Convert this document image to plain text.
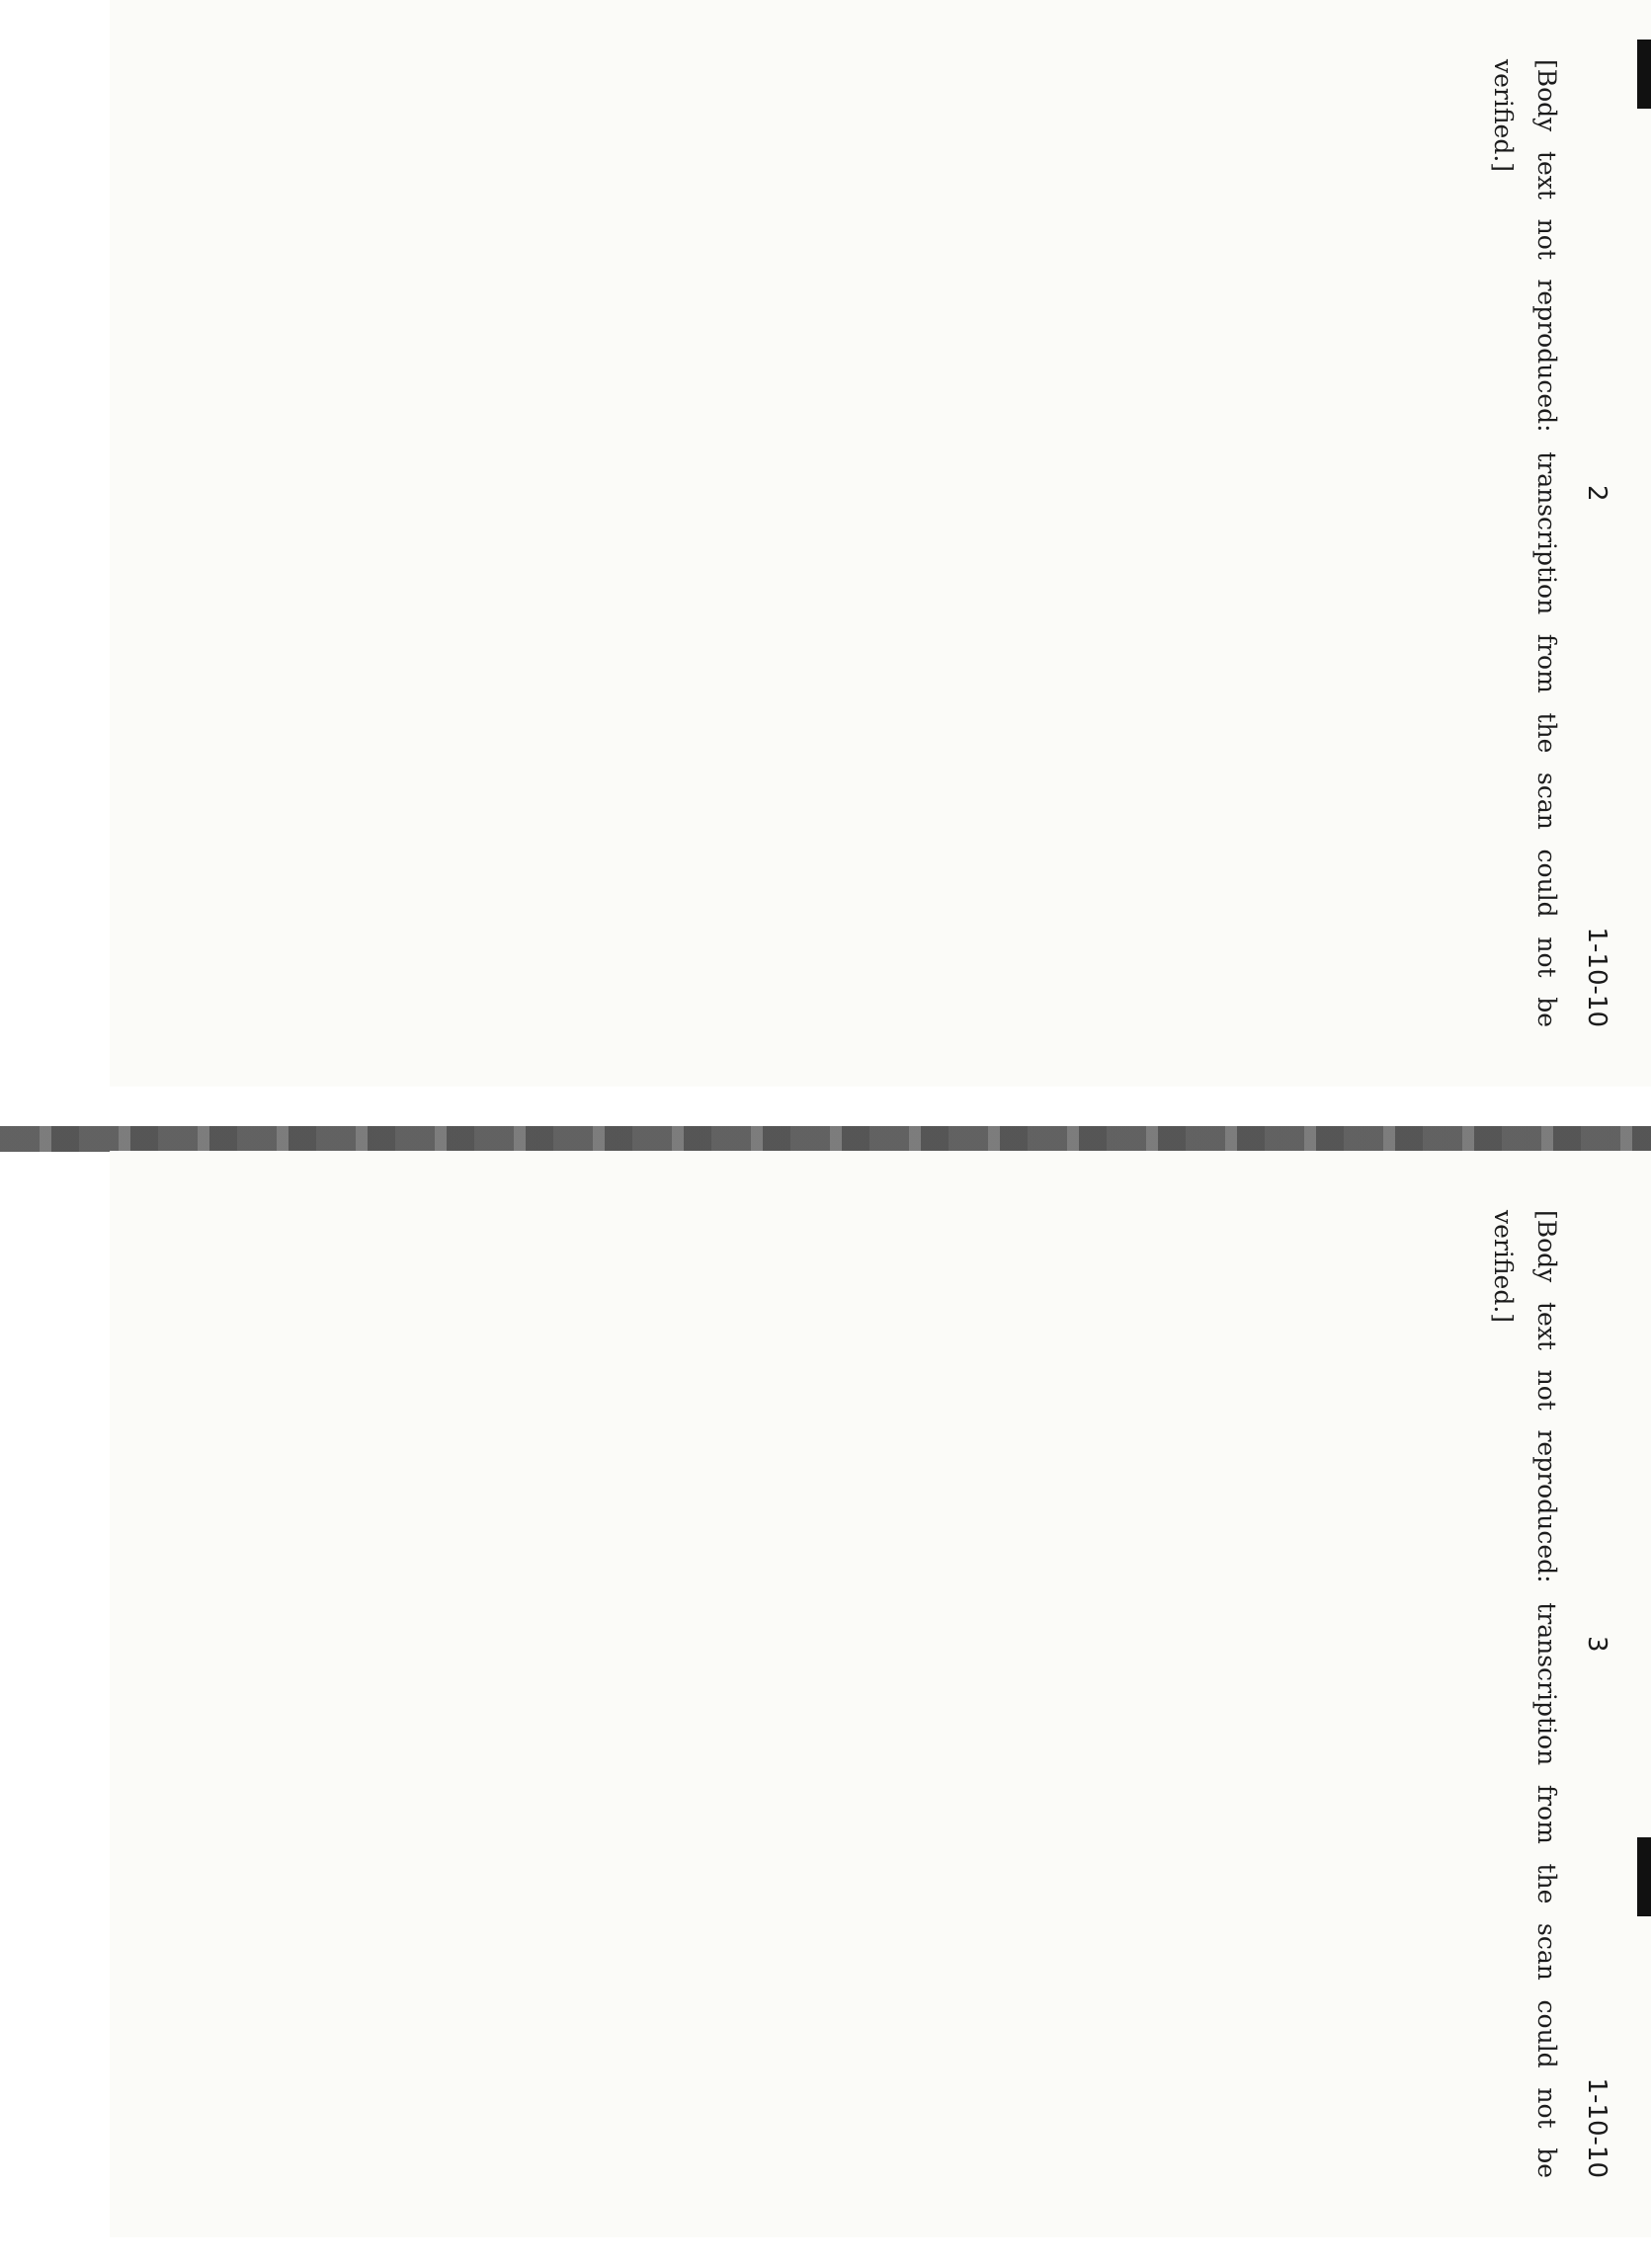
2
1-10-10

[Body text not reproduced: transcription from the scan could not be verified.]

3
1-10-10

[Body text not reproduced: transcription from the scan could not be verified.]
